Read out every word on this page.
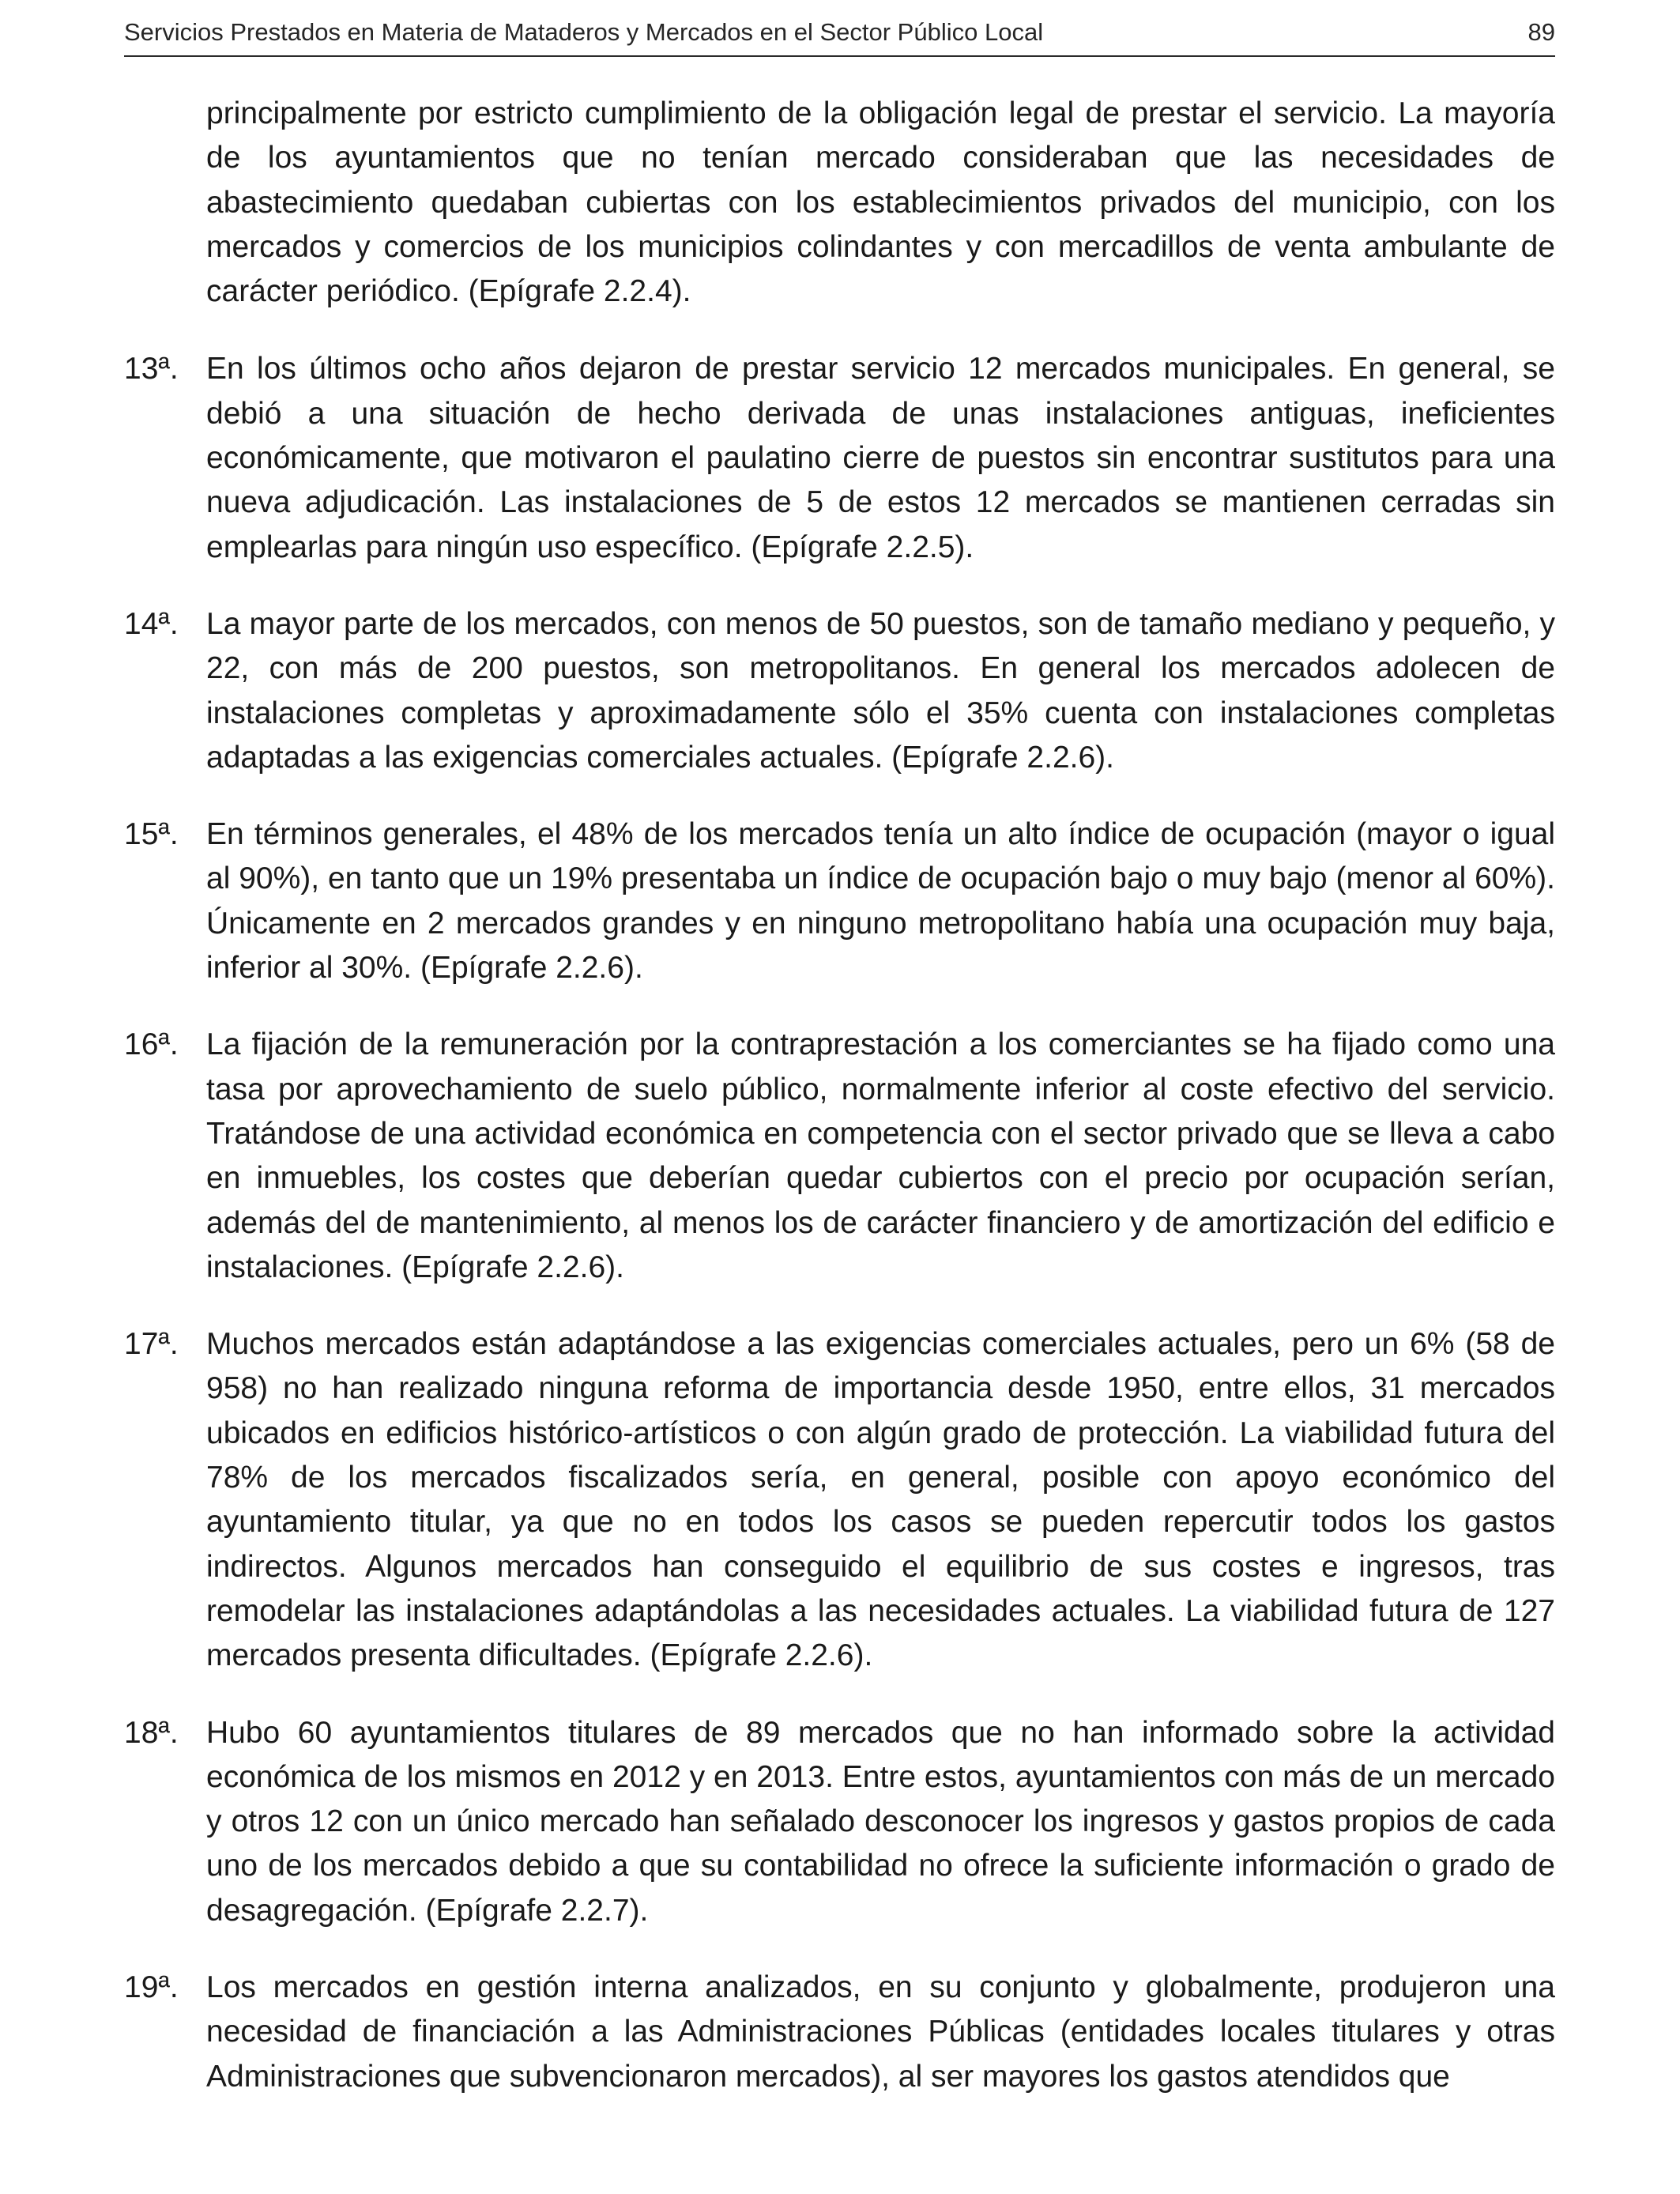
Servicios Prestados en Materia de Mataderos y Mercados en el Sector Público Local	89
principalmente por estricto cumplimiento de la obligación legal de prestar el servicio. La mayoría de los ayuntamientos que no tenían mercado consideraban que las necesidades de abastecimiento quedaban cubiertas con los establecimientos privados del municipio, con los mercados y comercios de los municipios colindantes y con mercadillos de venta ambulante de carácter periódico. (Epígrafe 2.2.4).
13ª. En los últimos ocho años dejaron de prestar servicio 12 mercados municipales. En general, se debió a una situación de hecho derivada de unas instalaciones antiguas, ineficientes económicamente, que motivaron el paulatino cierre de puestos sin encontrar sustitutos para una nueva adjudicación. Las instalaciones de 5 de estos 12 mercados se mantienen cerradas sin emplearlas para ningún uso específico. (Epígrafe 2.2.5).
14ª. La mayor parte de los mercados, con menos de 50 puestos, son de tamaño mediano y pequeño, y 22, con más de 200 puestos, son metropolitanos. En general los mercados adolecen de instalaciones completas y aproximadamente sólo el 35% cuenta con instalaciones completas adaptadas a las exigencias comerciales actuales. (Epígrafe 2.2.6).
15ª. En términos generales, el 48% de los mercados tenía un alto índice de ocupación (mayor o igual al 90%), en tanto que un 19% presentaba un índice de ocupación bajo o muy bajo (menor al 60%). Únicamente en 2 mercados grandes y en ninguno metropolitano había una ocupación muy baja, inferior al 30%. (Epígrafe 2.2.6).
16ª. La fijación de la remuneración por la contraprestación a los comerciantes se ha fijado como una tasa por aprovechamiento de suelo público, normalmente inferior al coste efectivo del servicio. Tratándose de una actividad económica en competencia con el sector privado que se lleva a cabo en inmuebles, los costes que deberían quedar cubiertos con el precio por ocupación serían, además del de mantenimiento, al menos los de carácter financiero y de amortización del edificio e instalaciones. (Epígrafe 2.2.6).
17ª. Muchos mercados están adaptándose a las exigencias comerciales actuales, pero un 6% (58 de 958) no han realizado ninguna reforma de importancia desde 1950, entre ellos, 31 mercados ubicados en edificios histórico-artísticos o con algún grado de protección. La viabilidad futura del 78% de los mercados fiscalizados sería, en general, posible con apoyo económico del ayuntamiento titular, ya que no en todos los casos se pueden repercutir todos los gastos indirectos. Algunos mercados han conseguido el equilibrio de sus costes e ingresos, tras remodelar las instalaciones adaptándolas a las necesidades actuales. La viabilidad futura de 127 mercados presenta dificultades. (Epígrafe 2.2.6).
18ª. Hubo 60 ayuntamientos titulares de 89 mercados que no han informado sobre la actividad económica de los mismos en 2012 y en 2013. Entre estos, ayuntamientos con más de un mercado y otros 12 con un único mercado han señalado desconocer los ingresos y gastos propios de cada uno de los mercados debido a que su contabilidad no ofrece la suficiente información o grado de desagregación. (Epígrafe 2.2.7).
19ª. Los mercados en gestión interna analizados, en su conjunto y globalmente, produjeron una necesidad de financiación a las Administraciones Públicas (entidades locales titulares y otras Administraciones que subvencionaron mercados), al ser mayores los gastos atendidos que
